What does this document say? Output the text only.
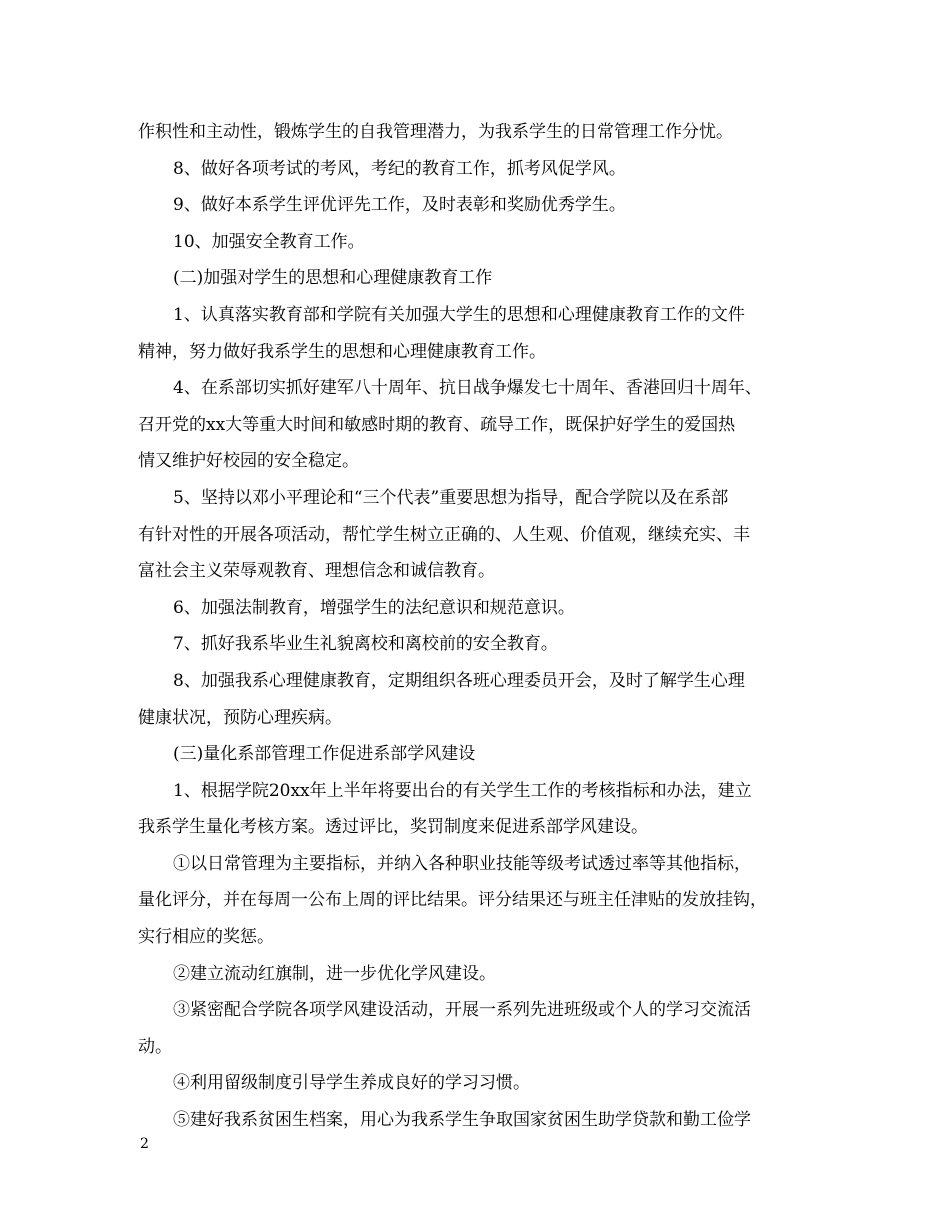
作积性和主动性，锻炼学生的自我管理潜力，为我系学生的日常管理工作分忧。
8、做好各项考试的考风，考纪的教育工作，抓考风促学风。
9、做好本系学生评优评先工作，及时表彰和奖励优秀学生。
10、加强安全教育工作。
(二)加强对学生的思想和心理健康教育工作
1、认真落实教育部和学院有关加强大学生的思想和心理健康教育工作的文件
精神，努力做好我系学生的思想和心理健康教育工作。
4、在系部切实抓好建军八十周年、抗日战争爆发七十周年、香港回归十周年、
召开党的xx大等重大时间和敏感时期的教育、疏导工作，既保护好学生的爱国热
情又维护好校园的安全稳定。
5、坚持以邓小平理论和“三个代表”重要思想为指导，配合学院以及在系部
有针对性的开展各项活动，帮忙学生树立正确的、人生观、价值观，继续充实、丰
富社会主义荣辱观教育、理想信念和诚信教育。
6、加强法制教育，增强学生的法纪意识和规范意识。
7、抓好我系毕业生礼貌离校和离校前的安全教育。
8、加强我系心理健康教育，定期组织各班心理委员开会，及时了解学生心理
健康状况，预防心理疾病。
(三)量化系部管理工作促进系部学风建设
1、根据学院20xx年上半年将要出台的有关学生工作的考核指标和办法，建立
我系学生量化考核方案。透过评比，奖罚制度来促进系部学风建设。
①以日常管理为主要指标，并纳入各种职业技能等级考试透过率等其他指标，
量化评分，并在每周一公布上周的评比结果。评分结果还与班主任津贴的发放挂钩，
实行相应的奖惩。
②建立流动红旗制，进一步优化学风建设。
③紧密配合学院各项学风建设活动，开展一系列先进班级或个人的学习交流活
动。
④利用留级制度引导学生养成良好的学习习惯。
⑤建好我系贫困生档案，用心为我系学生争取国家贫困生助学贷款和勤工俭学
2
